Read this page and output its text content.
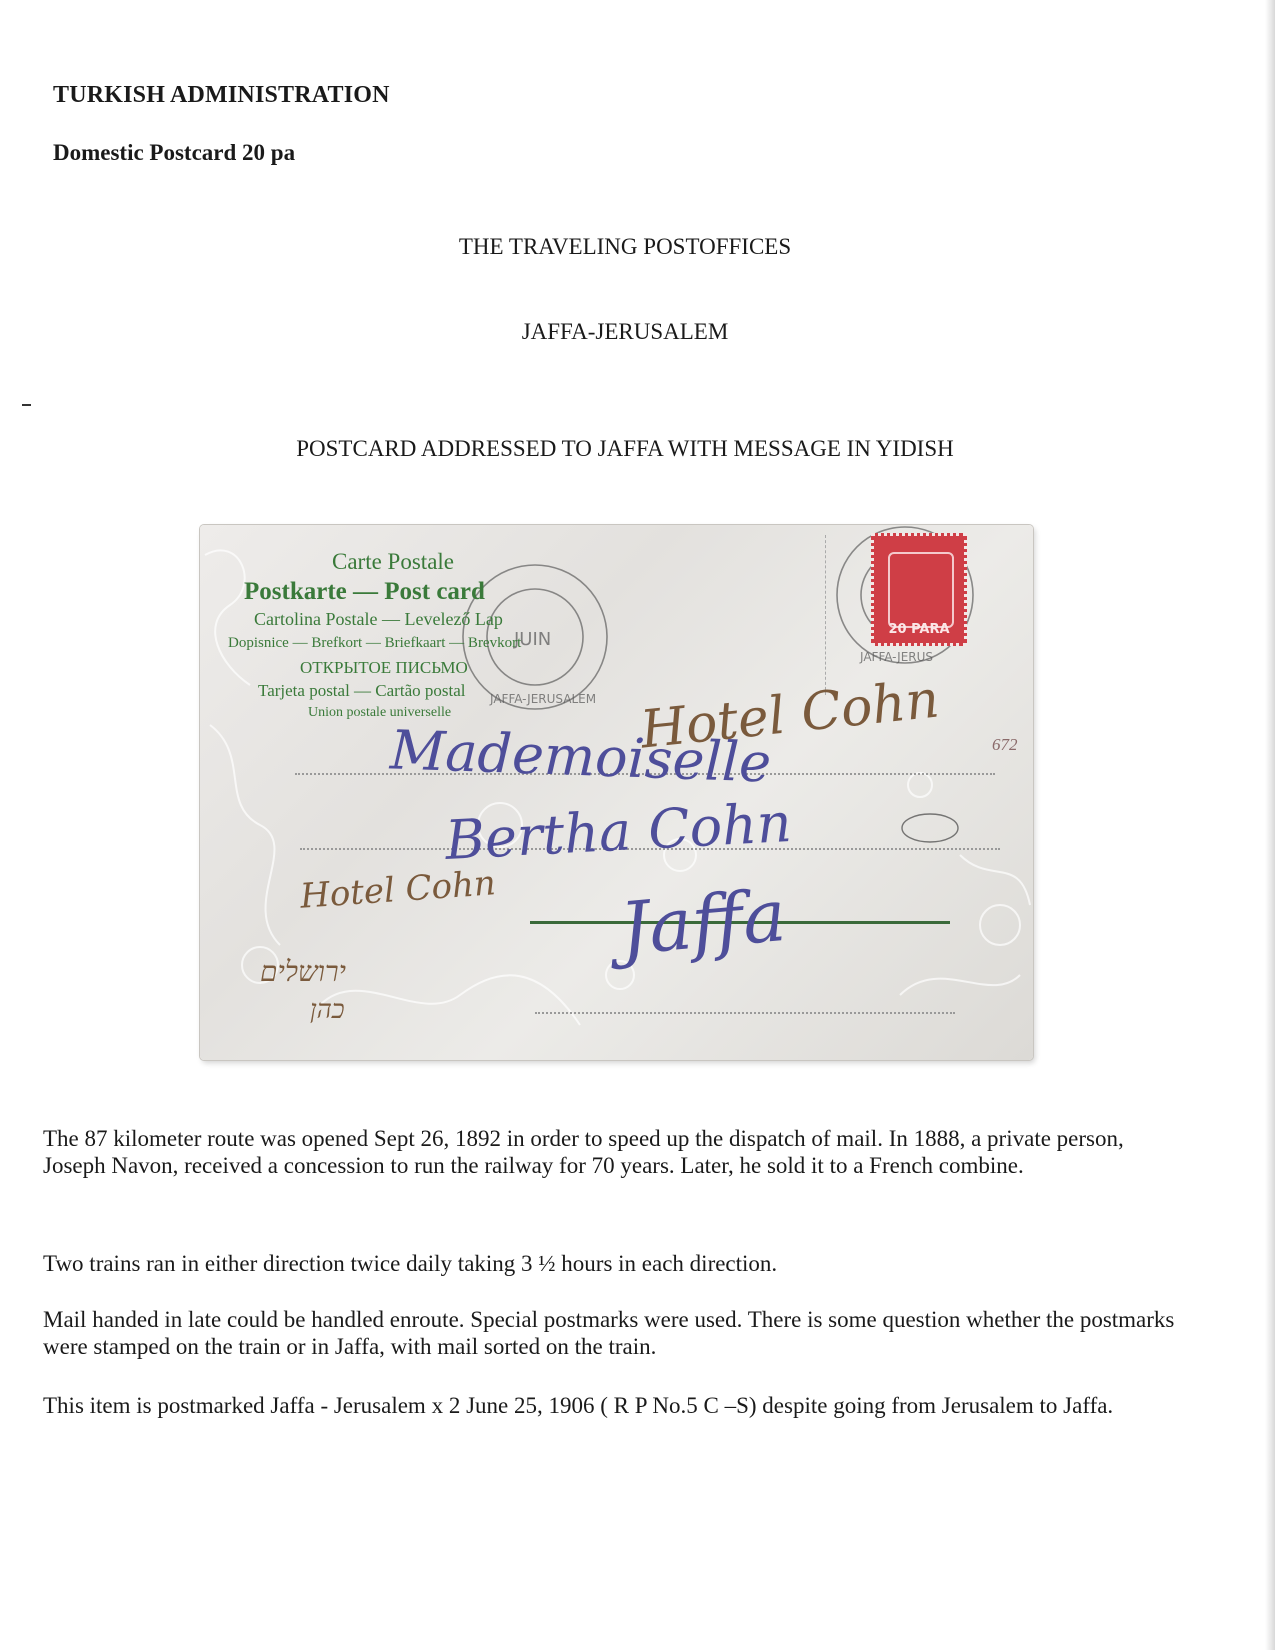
TURKISH ADMINISTRATION
Domestic Postcard 20 pa
THE TRAVELING POSTOFFICES
JAFFA-JERUSALEM
POSTCARD ADDRESSED TO JAFFA WITH MESSAGE IN YIDISH
JAFFA-JERUSALEM
JAFFA-JERUS
JUIN
Carte Postale
Postkarte — Post card
Cartolina Postale — Levelező Lap
Dopisnice — Brefkort — Briefkaart — Brevkort
ОТКРЫТОЕ ПИСЬМО
Tarjeta postal — Cartão postal
Union postale universelle
20 PARA
Hotel Cohn
Mademoiselle
Bertha Cohn
Hotel Cohn Jaffa
ירושלים
כהן
672
The 87 kilometer route was opened Sept 26, 1892 in order to speed up the dispatch of mail. In 1888, a private person, Joseph Navon, received a concession to run the railway for 70 years. Later, he sold it to a French combine.
Two trains ran in either direction twice daily taking 3 ½ hours in each direction.
Mail handed in late could be handled enroute. Special postmarks were used. There is some question whether the postmarks were stamped on the train or in Jaffa, with mail sorted on the train.
This item is postmarked Jaffa - Jerusalem x 2 June 25, 1906 ( R P No.5 C –S) despite going from Jerusalem to Jaffa.
